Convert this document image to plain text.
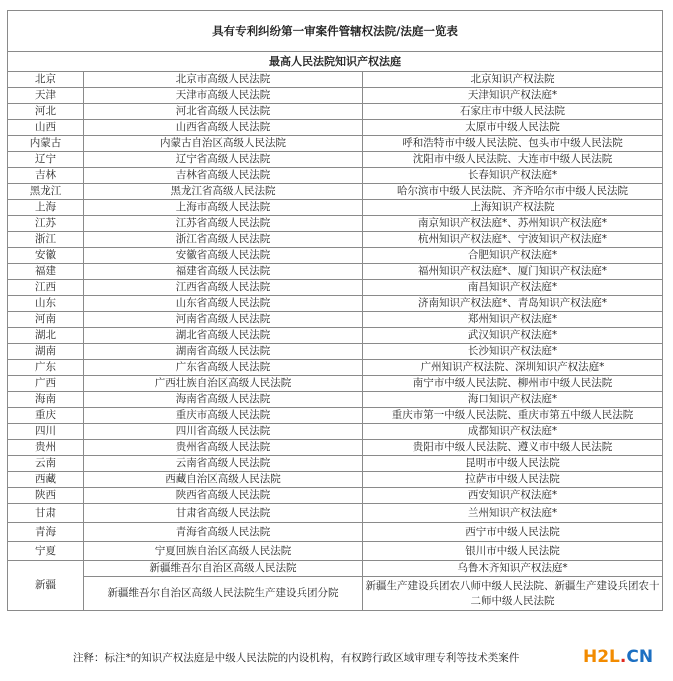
具有专利纠纷第一审案件管辖权法院/法庭一览表		
最高人民法院知识产权法庭		
北京	北京市高级人民法院	北京知识产权法院
天津	天津市高级人民法院	天津知识产权法庭*
河北	河北省高级人民法院	石家庄市中级人民法院
山西	山西省高级人民法院	太原市中级人民法院
内蒙古	内蒙古自治区高级人民法院	呼和浩特市中级人民法院、包头市中级人民法院
辽宁	辽宁省高级人民法院	沈阳市中级人民法院、大连市中级人民法院
吉林	吉林省高级人民法院	长春知识产权法庭*
黑龙江	黑龙江省高级人民法院	哈尔滨市中级人民法院、齐齐哈尔市中级人民法院
上海	上海市高级人民法院	上海知识产权法院
江苏	江苏省高级人民法院	南京知识产权法庭*、苏州知识产权法庭*
浙江	浙江省高级人民法院	杭州知识产权法庭*、宁波知识产权法庭*
安徽	安徽省高级人民法院	合肥知识产权法庭*
福建	福建省高级人民法院	福州知识产权法庭*、厦门知识产权法庭*
江西	江西省高级人民法院	南昌知识产权法庭*
山东	山东省高级人民法院	济南知识产权法庭*、青岛知识产权法庭*
河南	河南省高级人民法院	郑州知识产权法庭*
湖北	湖北省高级人民法院	武汉知识产权法庭*
湖南	湖南省高级人民法院	长沙知识产权法庭*
广东	广东省高级人民法院	广州知识产权法院、深圳知识产权法庭*
广西	广西壮族自治区高级人民法院	南宁市中级人民法院、柳州市中级人民法院
海南	海南省高级人民法院	海口知识产权法庭*
重庆	重庆市高级人民法院	重庆市第一中级人民法院、重庆市第五中级人民法院
四川	四川省高级人民法院	成都知识产权法庭*
贵州	贵州省高级人民法院	贵阳市中级人民法院、遵义市中级人民法院
云南	云南省高级人民法院	昆明市中级人民法院
西藏	西藏自治区高级人民法院	拉萨市中级人民法院
陕西	陕西省高级人民法院	西安知识产权法庭*
甘肃	甘肃省高级人民法院	兰州知识产权法庭*
青海	青海省高级人民法院	西宁市中级人民法院
宁夏	宁夏回族自治区高级人民法院	银川市中级人民法院
新疆	新疆维吾尔自治区高级人民法院	乌鲁木齐知识产权法庭*
	新疆维吾尔自治区高级人民法院生产建设兵团分院	新疆生产建设兵团农八师中级人民法院、新疆生产建设兵团农十二师中级人民法院
注释：标注*的知识产权法庭是中级人民法院的内设机构，有权跨行政区域审理专利等技术类案件	H2L.CN
